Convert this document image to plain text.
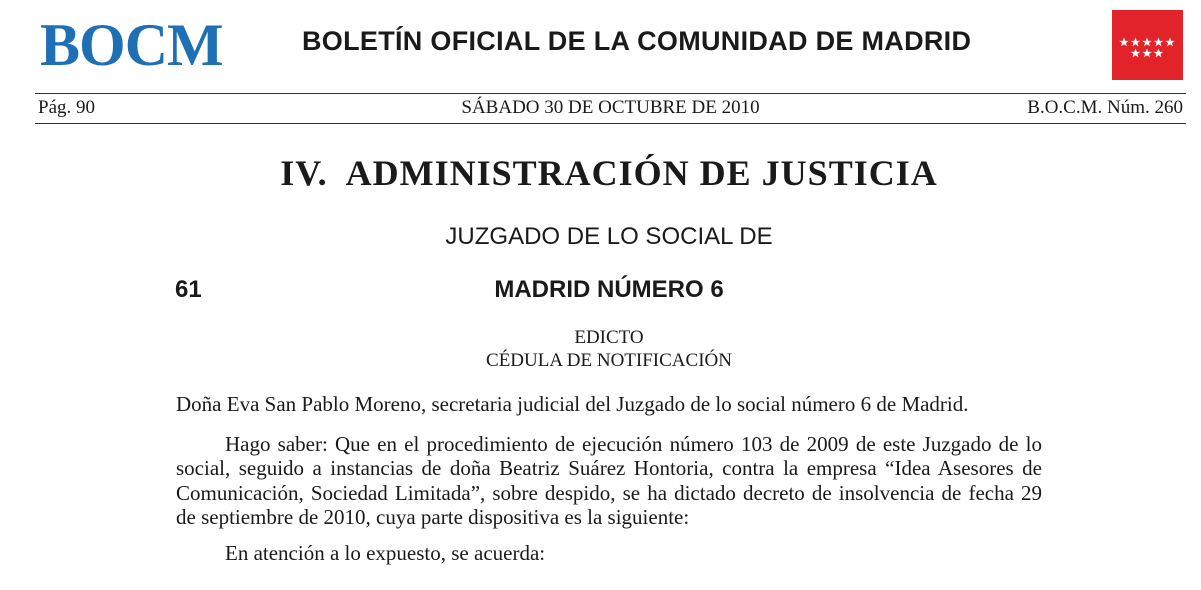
BOCM	BOLETÍN OFICIAL DE LA COMUNIDAD DE MADRID
SÁBADO 30 DE OCTUBRE DE 2010
Pág. 90	B.O.C.M. Núm. 260
IV.  ADMINISTRACIÓN DE JUSTICIA
JUZGADO DE LO SOCIAL DE
61	MADRID NÚMERO 6
EDICTO
CÉDULA DE NOTIFICACIÓN

Doña Eva San Pablo Moreno, secretaria judicial del Juzgado de lo social número 6 de Madrid.

Hago saber: Que en el procedimiento de ejecución número 103 de 2009 de este Juzgado de lo social, seguido a instancias de doña Beatriz Suárez Hontoria, contra la empresa “Idea Asesores de Comunicación, Sociedad Limitada”, sobre despido, se ha dictado decreto de insolvencia de fecha 29 de septiembre de 2010, cuya parte dispositiva es la siguiente:

En atención a lo expuesto, se acuerda:
